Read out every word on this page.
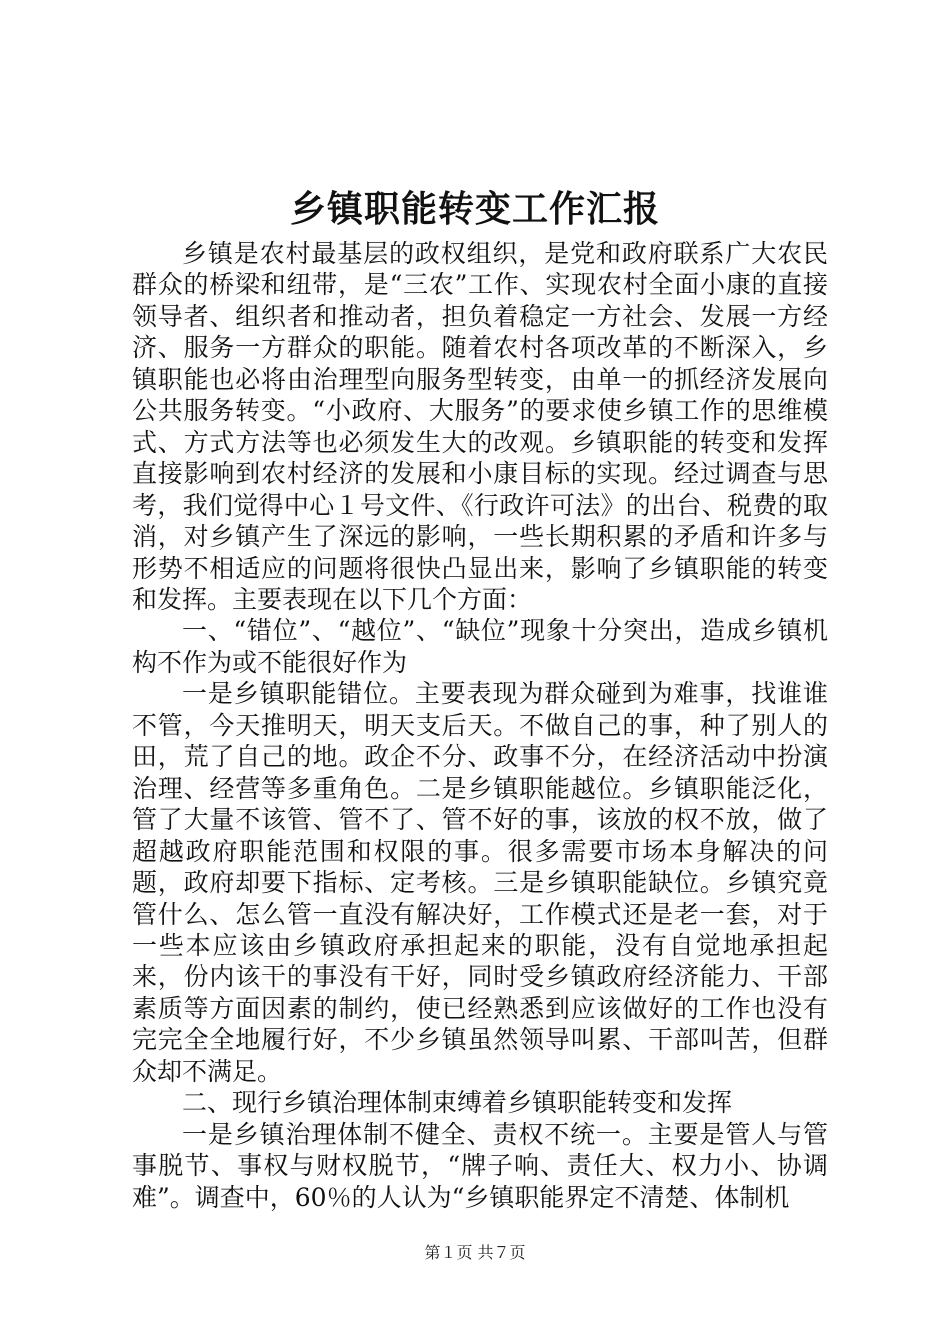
乡镇职能转变工作汇报

乡镇是农村最基层的政权组织，是党和政府联系广大农民群众的桥梁和纽带，是“三农”工作、实现农村全面小康的直接领导者、组织者和推动者，担负着稳定一方社会、发展一方经济、服务一方群众的职能。随着农村各项改革的不断深入，乡镇职能也必将由治理型向服务型转变，由单一的抓经济发展向公共服务转变。“小政府、大服务”的要求使乡镇工作的思维模式、方式方法等也必须发生大的改观。乡镇职能的转变和发挥直接影响到农村经济的发展和小康目标的实现。经过调查与思考，我们觉得中心１号文件、《行政许可法》的出台、税费的取消，对乡镇产生了深远的影响，一些长期积累的矛盾和许多与形势不相适应的问题将很快凸显出来，影响了乡镇职能的转变和发挥。主要表现在以下几个方面：

一、“错位”、“越位”、“缺位”现象十分突出，造成乡镇机构不作为或不能很好作为

一是乡镇职能错位。主要表现为群众碰到为难事，找谁谁不管，今天推明天，明天支后天。不做自己的事，种了别人的田，荒了自己的地。政企不分、政事不分，在经济活动中扮演治理、经营等多重角色。二是乡镇职能越位。乡镇职能泛化，管了大量不该管、管不了、管不好的事，该放的权不放，做了超越政府职能范围和权限的事。很多需要市场本身解决的问题，政府却要下指标、定考核。三是乡镇职能缺位。乡镇究竟管什么、怎么管一直没有解决好，工作模式还是老一套，对于一些本应该由乡镇政府承担起来的职能，没有自觉地承担起来，份内该干的事没有干好，同时受乡镇政府经济能力、干部素质等方面因素的制约，使已经熟悉到应该做好的工作也没有完完全全地履行好，不少乡镇虽然领导叫累、干部叫苦，但群众却不满足。

二、现行乡镇治理体制束缚着乡镇职能转变和发挥

一是乡镇治理体制不健全、责权不统一。主要是管人与管事脱节、事权与财权脱节，“牌子响、责任大、权力小、协调难”。调查中，60％的人认为“乡镇职能界定不清楚、体制机

第１页 共７页
